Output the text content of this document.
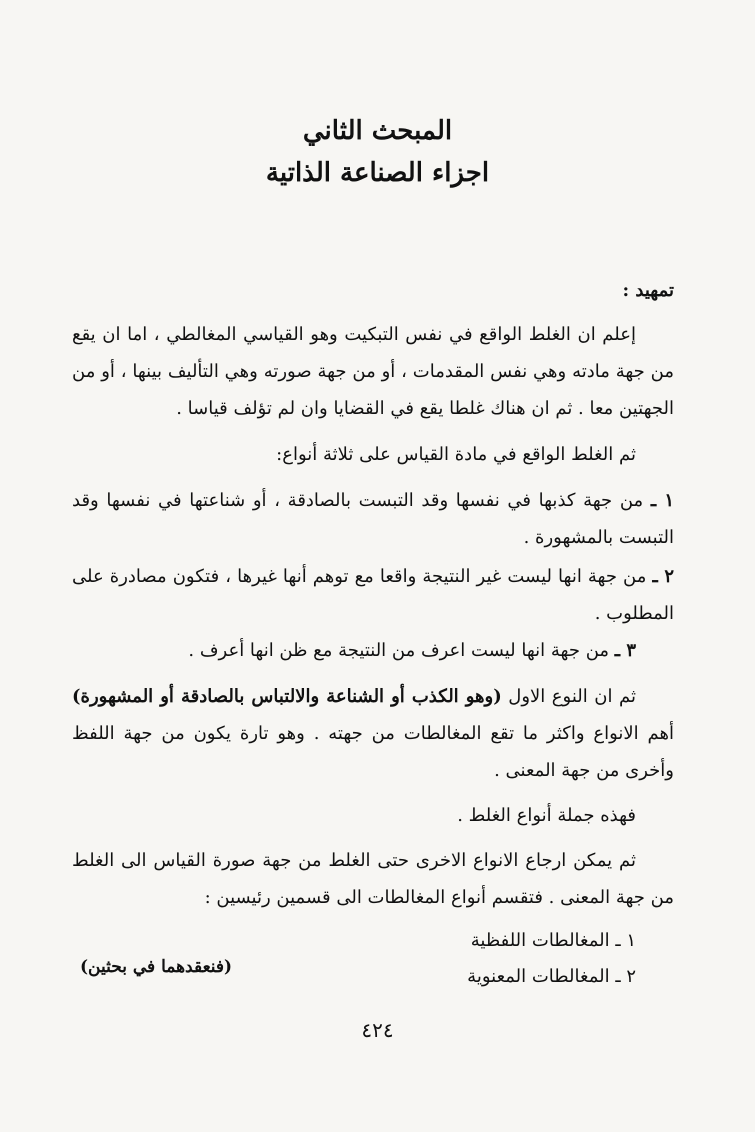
المبحث الثاني
اجزاء الصناعة الذاتية
تمهيد :
إعلم ان الغلط الواقع في نفس التبكيت وهو القياسي المغالطي ، اما ان يقع من جهة مادته وهي نفس المقدمات ، أو من جهة صورته وهي التأليف بينها ، أو من الجهتين معا . ثم ان هناك غلطا يقع في القضايا وان لم تؤلف قياسا .
ثم الغلط الواقع في مادة القياس على ثلاثة أنواع:
١ ـ من جهة كذبها في نفسها وقد التبست بالصادقة ، أو شناعتها في نفسها وقد التبست بالمشهورة .
٢ ـ من جهة انها ليست غير النتيجة واقعا مع توهم أنها غيرها ، فتكون مصادرة على المطلوب .
٣ ـ من جهة انها ليست اعرف من النتيجة مع ظن انها أعرف .
ثم ان النوع الاول (وهو الكذب أو الشناعة والالتباس بالصادقة أو المشهورة) أهم الانواع واكثر ما تقع المغالطات من جهته . وهو تارة يكون من جهة اللفظ وأخرى من جهة المعنى .
فهذه جملة أنواع الغلط .
ثم يمكن ارجاع الانواع الاخرى حتى الغلط من جهة صورة القياس الى الغلط من جهة المعنى . فتقسم أنواع المغالطات الى قسمين رئيسين :
١ ـ المغالطات اللفظية
٢ ـ المغالطات المعنوية
(فنعقدهما في بحثين)
٤٢٤
